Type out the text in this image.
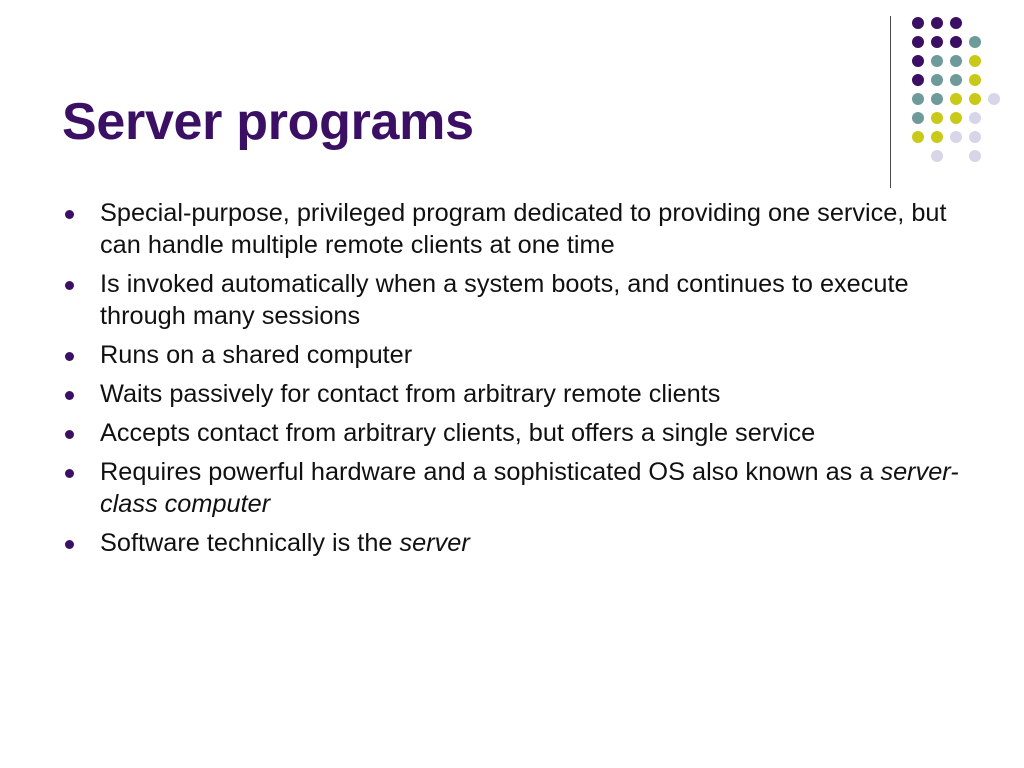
Server programs
Special-purpose, privileged program dedicated to providing one service, but can handle multiple remote clients at one time
Is invoked automatically when a system boots, and continues to execute through many sessions
Runs on a shared computer
Waits passively for contact from arbitrary remote clients
Accepts contact from arbitrary clients, but offers a single service
Requires powerful hardware and a sophisticated OS also known as a server-class computer
Software technically is the server
